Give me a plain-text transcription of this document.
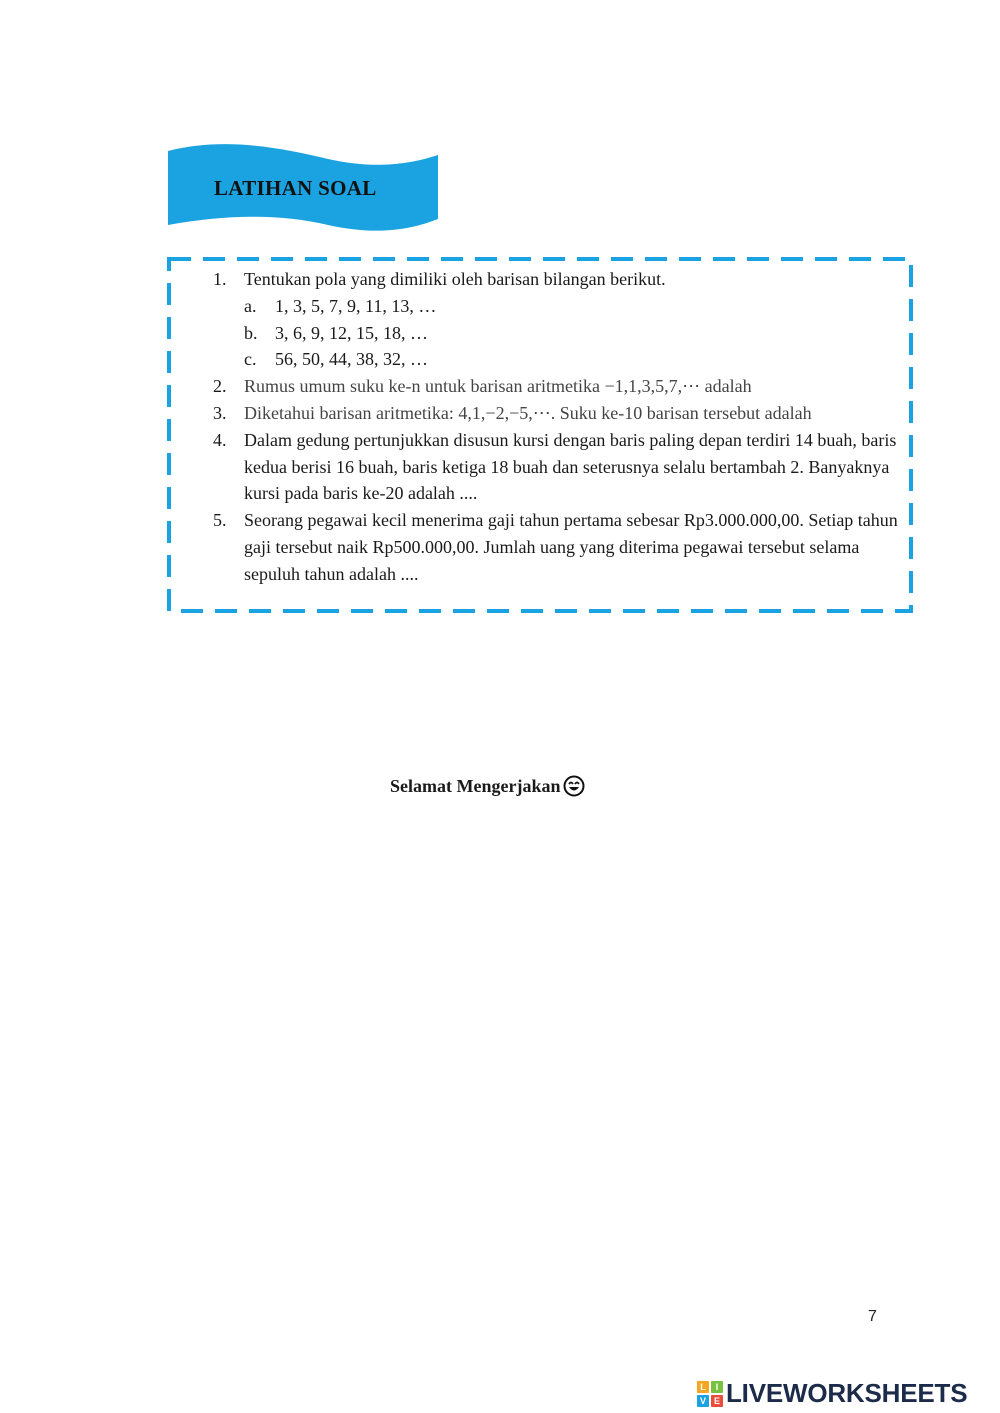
LATIHAN SOAL
1. Tentukan pola yang dimiliki oleh barisan bilangan berikut.
a.	1, 3, 5, 7, 9, 11, 13, …
b. 3, 6, 9, 12, 15, 18, …
c.	56, 50, 44, 38, 32, …
2. Rumus umum suku ke-n untuk barisan aritmetika −1,1,3,5,7,⋯ adalah
3. Diketahui barisan aritmetika: 4,1,−2,−5,⋯. Suku ke-10 barisan tersebut adalah
4. Dalam gedung pertunjukkan disusun kursi dengan baris paling depan terdiri 14 buah, baris kedua berisi 16 buah, baris ketiga 18 buah dan seterusnya selalu bertambah 2. Banyaknya kursi pada baris ke-20 adalah ....
5. Seorang pegawai kecil menerima gaji tahun pertama sebesar Rp3.000.000,00. Setiap tahun gaji tersebut naik Rp500.000,00. Jumlah uang yang diterima pegawai tersebut selama sepuluh tahun adalah ....
Selamat Mengerjakan
7
L	I
V E LIVEWORKSHEETS
